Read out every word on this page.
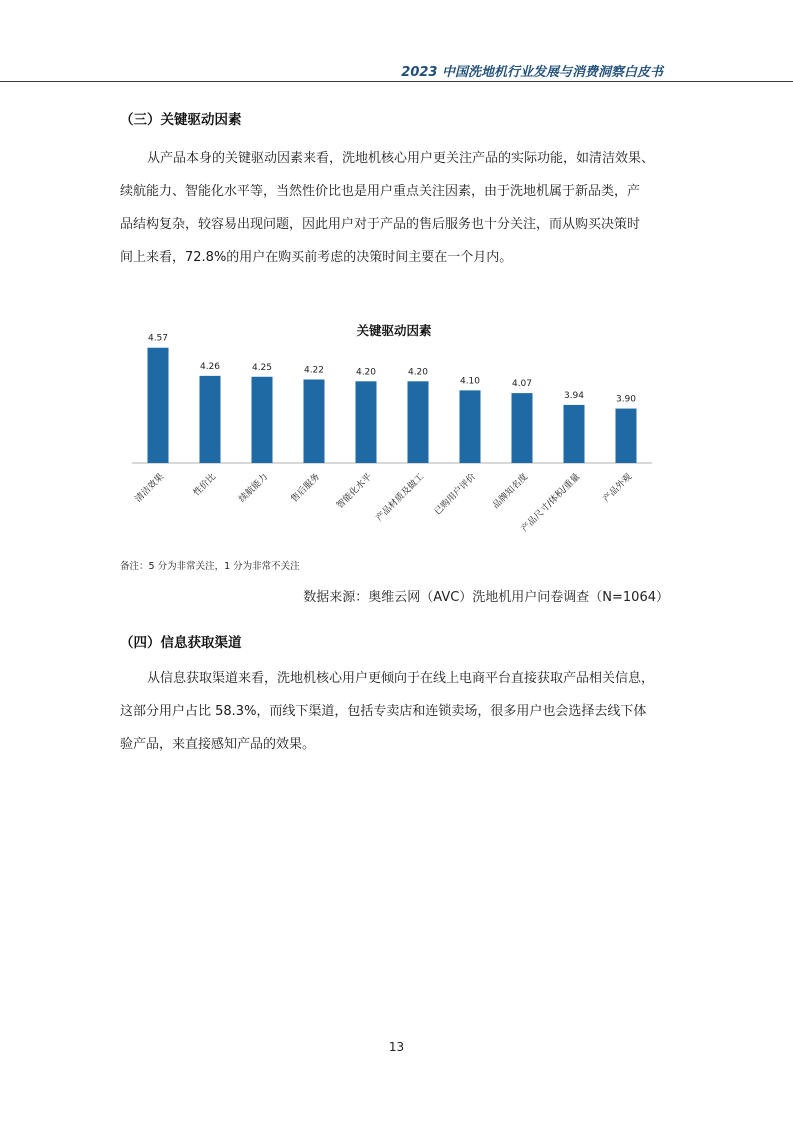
2023 中国洗地机行业发展与消费洞察白皮书
（三）关键驱动因素

从产品本身的关键驱动因素来看，洗地机核心用户更关注产品的实际功能，如清洁效果、
续航能力、智能化水平等，当然性价比也是用户重点关注因素，由于洗地机属于新品类，产
品结构复杂，较容易出现问题，因此用户对于产品的售后服务也十分关注，而从购买决策时
间上来看，72.8%的用户在购买前考虑的决策时间主要在一个月内。

关键驱动因素
4.57
4.26	4.25	4.22	4.20	4.20
4.10	4.07
3.94	3.90
清洁效果	性价比 续航能力 售后服务 智能化水平 产品材质及做工 已购用户评价 品牌知名度
产品尺寸/体积/重量 产品外观
备注：5 分为非常关注，1 分为非常不关注
数据来源：奥维云网（AVC）洗地机用户问卷调查（N=1064）
（四）信息获取渠道

从信息获取渠道来看，洗地机核心用户更倾向于在线上电商平台直接获取产品相关信息，
这部分用户占比 58.3%，而线下渠道，包括专卖店和连锁卖场，很多用户也会选择去线下体
验产品，来直接感知产品的效果。

13
